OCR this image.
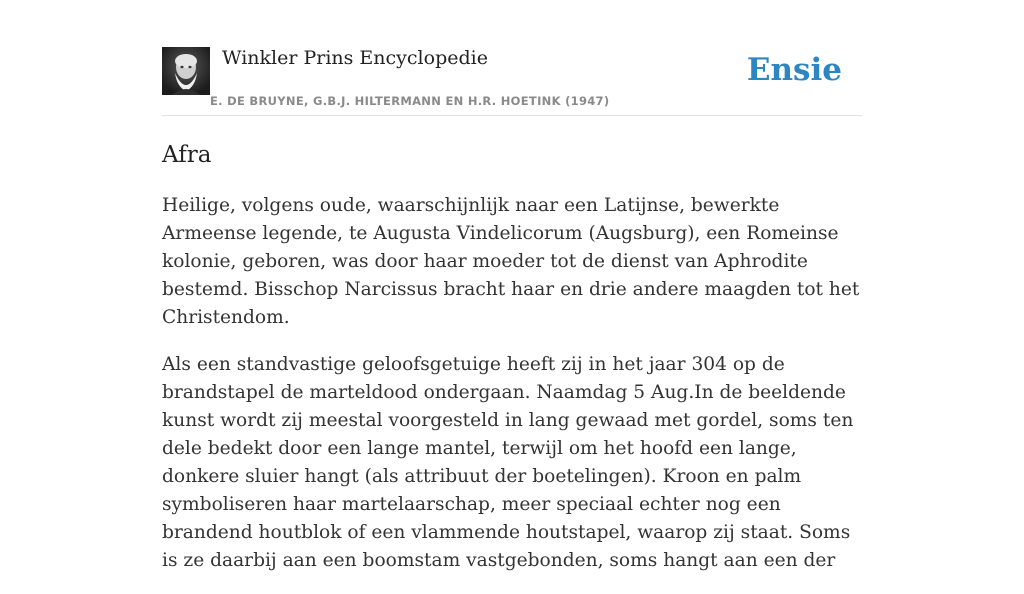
Winkler Prins Encyclopedie
E. DE BRUYNE, G.B.J. HILTERMANN EN H.R. HOETINK (1947)
Ensie
Afra

Heilige, volgens oude, waarschijnlijk naar een Latijnse, bewerkte Armeense legende, te Augusta Vindelicorum (Augsburg), een Romeinse kolonie, geboren, was door haar moeder tot de dienst van Aphrodite bestemd. Bisschop Narcissus bracht haar en drie andere maagden tot het Christendom.

Als een standvastige geloofsgetuige heeft zij in het jaar 304 op de brandstapel de marteldood ondergaan. Naamdag 5 Aug.In de beeldende kunst wordt zij meestal voorgesteld in lang gewaad met gordel, soms ten dele bedekt door een lange mantel, terwijl om het hoofd een lange, donkere sluier hangt (als attribuut der boetelingen). Kroon en palm symboliseren haar martelaarschap, meer speciaal echter nog een brandend houtblok of een vlammende houtstapel, waarop zij staat. Soms is ze daarbij aan een boomstam vastgebonden, soms hangt aan een der
